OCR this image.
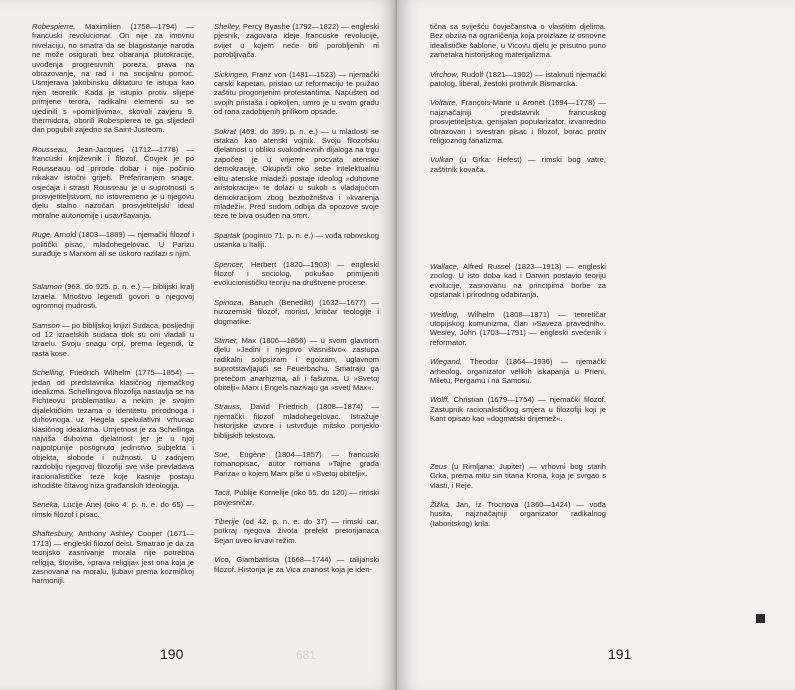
Robespierre, Maximilien (1758—1794) — francuski revolucionar. On nije za imovnu nivelaciju, no smatra da se blagostanje naroda ne može osigurati bez obaranja plutokracije, uvođenja progresivnih poreza, prava na obrazovanje, na rad i na socijalnu pomoć. Usmjerava jakobinsku diktaturu te istupa kao njen teoretik. Kada je istupio protiv slijepe primjene terora, radikalni elementi su se ujedinili s »pomirljivima«, skovali zavjeru 9. thermidora, oborili Robespierea te ga slijedeći dan pogubili zajedno sa Saint-Justeom.
Rousseau, Jean-Jacques (1712—1778) — francuski književnik i filozof. Čovjek je po Rousseauu od prirode dobar i nije počinio nikakav istočni grijeh. Preferiranjem snage, osjećaja i strasti Rousseau je u suprotnosti s prosvjetiteljstvom, no istovremeno je u njegovu djelu stalno nazočan prosvjetiteljski ideal moralne autonomije i usavršavanja.
Ruge, Arnold (1803—1889) — njemački filozof i politički pisac, mladohegelovac. U Parizu surađuje s Marxom ali se uskoro razilazi s njim.
Salamon (963. do 925. p. n. e.) — biblijski kralj Izraela. Mnoštvo legendi govori o njegovoj ogromnoj mudrosti.
Samson — po biblijskoj knjizi Sudaca, posljednji od 12 izraelskih sudaca dok su oni vladali u Izraelu. Svoju snagu crpi, prema legendi, iz rasta kose.
Schelling, Friedrich Wilhelm (1775—1854) — jedan od predstavnika klasičnog njemačkog idealizma. Schellingova filozofija nastavlja se na Fichteovu problematiku a nekim je svojim dijalektičkim tezama o identitetu prirodnoga i duhovnoga uz Hegela spekulativni vrhunac klasičnog idealizma. Umjetnost je za Schellinga najviša duhovna djelatnost jer je u njoj najpotpunije postignuto jedinstvo subjekta i objekta, slobode i nužnosti. U zadnjem razdoblju njegovoj filozofiji sve više prevladava iracionalističke teze koje kasnije postaju ishodište čitavog niza građanskih ideologija.
Seneka, Lucije Anej (oko 4. p. n. e. do 65) — rimski filozof i pisac.
Shaftesbury, Anthony Ashley Cooper (1671—1713) — engleski filozof deist. Smatrao je da za teorijsko zasnivanje morala nije potrebna religija, štoviše, »prava religija« jest ona koja je zasnovana na moralu, ljubavi prema kozmičkoj harmoniji.
Shelley, Percy Byashe (1792—1822) — engleski pjesnik, zagovara ideje francuske revolucije, svijet u kojem neće biti porobljenih ni porobljivača.
Sickingen, Franz von (1481—1523) — njemački carski kapetan, pristao uz reformaciju te pružao zaštitu progonjenim protestantima. Napušten od svojih pristaša i opkoljen, umro je u svom gradu od rana zadobijenih prilikom opsade.
Sokrat (469. do 399. p. n. e.) — u mladosti se istakao kao atenski vojnik. Svoju filozofsku djelatnost u obliku svakodnevnih dijaloga na trgu započeo je u vrijeme procvata atenske demokracije. Okupivši oko sebe intelektualnu elitu atenske mladeži postaje ideolog »duhovne aristokracije« te dolazi u sukob s vladajućom demokracijom zbog bezbožništva i »kvarenja mladeži«. Pred sudom odbija da opozove svoje teze te biva osuđen na smrt.
Spartak (poginuo 71. p. n. e.) — vođa robovskog ustanka u Italiji.
Spencer, Herbert (1820—1903) — engleski filozof i sociolog, pokušao primijeniti evolucionističku teoriju na društvene procese.
Spinoza, Baruch (Benedikt) (1632—1677) — nizozemski filozof, monist, kritičar teologije i dogmatike.
Stirner, Max (1806—1856) — u svom glavnom djelu »Jedini i njegovo vlasništvo« zastupa radikalni solipsizam i egoizam, uglavnom suprotstavljajući se Feuerbachu. Smatraju ga pretečom anarhizma, ali i fašizma. U »Svetoj obitelji« Marx i Engels nazivaju ga »svetí Max«.
Strauss, David Friedrich (1808—1874) — njemački filozof mladohegelovac. Istražuje historijske izvore i ustvrđuje mitsko porijeklo biblijskih tekstova.
Sue, Eugène (1804—1857) — francuski romanopisac, autor romana »Tajne grada Pariza« o kojem Marx piše u »Svetoj obitelji«.
Tacit, Publije Kornelije (oko 55. do 120) — rimski povjesničar.
Tiberije (od 42. p. n. e. do 37) — rimski car, potkraj njegova života prefekt pretorijanaca Sejan uveo krvavi režim.
Vico, Giambattista (1668—1744) — talijanski filozof. Historija je za Vica znanost koja je iden-
681
190
tična sa sviješću čovječanstva o vlastitim djelima. Bez obzira na ograničenja koja proizlaze iz osnovne idealističke šablone, u Vicovu djelu je prisutno puno zametaka historijskog materijalizma.
Virchow, Rudolf (1821—1902) — istaknuti njemački patolog, liberal, žestoki protivnik Bismarcka.
Voltaire, François-Marie u Aronet (1694—1778) — najznačajniji predstavnik francuskog prosvjetiteljstva, genijalan popularizator, izvanredno obrazovan i svestran pisac i filozof, borac protiv religioznog fanatizma.
Vulkan (u Grka: Hefest) — rimski bog vatre, zaštitnik kovača.
Wallace, Alfred Russel (1823—1913) — engleski zoolog. U isto doba kad i Darwin postavio teoriju evolucije, zasnovanu na principima borbe za opstanak i prirodnog odabiranja.
Weitling, Wilhelm (1808—1871) — teoretičar utopijskog komunizma, član »Saveza pravednih«. Wesley, John (1703—1791) — engleski svećenik i reformator.
Wiegand, Theodor (1864—1936) — njemački arheolog, organizator velikih iskapanja u Prieni, Miletu, Pergamu i na Samosu.
Wolff, Christian (1679—1754) — njemački filozof. Zastupnik racionalističkog smjera u filozofiji koji je Kant opisao kao »dogmatski drijemež«.
Zeus (u Rimljana: Jupiter) — vrhovni bog starih Grka, prema mitu sin titana Krona, koja je svrgao s vlasti, i Reje.
Žižka, Jan, iz Trocnova (1360—1424) — vođa husita, najznačajniji organizator radikalnog (taboritskog) krila.
191
